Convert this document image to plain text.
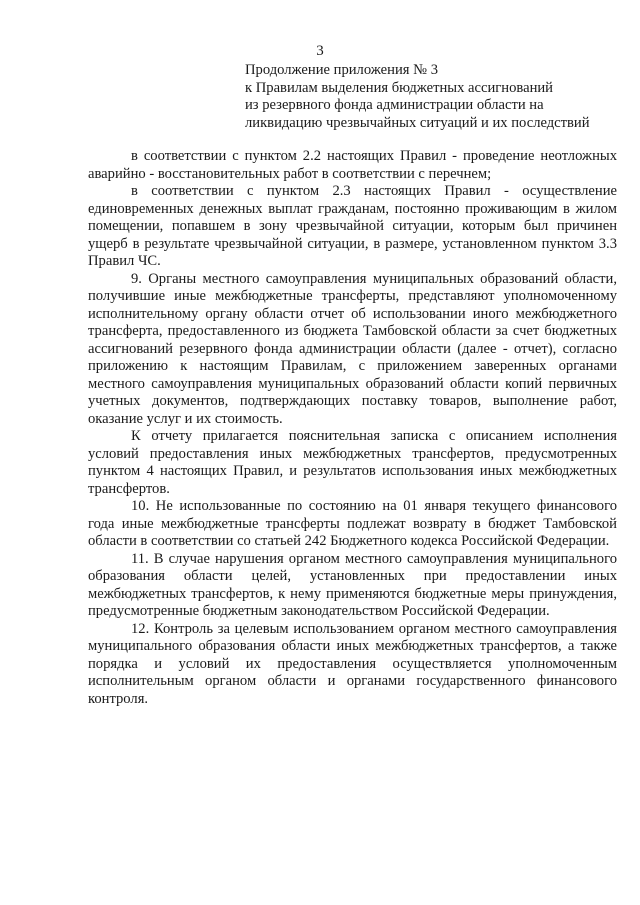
3
Продолжение приложения № 3
к Правилам выделения бюджетных ассигнований
из резервного фонда администрации области на
ликвидацию чрезвычайных ситуаций и их последствий

в соответствии с пунктом 2.2 настоящих Правил - проведение неотложных аварийно - восстановительных работ в соответствии с перечнем;

в соответствии с пунктом 2.3 настоящих Правил - осуществление единовременных денежных выплат гражданам, постоянно проживающим в жилом помещении, попавшем в зону чрезвычайной ситуации, которым был причинен ущерб в результате чрезвычайной ситуации, в размере, установленном пунктом 3.3 Правил ЧС.

9. Органы местного самоуправления муниципальных образований области, получившие иные межбюджетные трансферты, представляют уполномоченному исполнительному органу области отчет об использовании иного межбюджетного трансферта, предоставленного из бюджета Тамбовской области за счет бюджетных ассигнований резервного фонда администрации области (далее - отчет), согласно приложению к настоящим Правилам, с приложением заверенных органами местного самоуправления муниципальных образований области копий первичных учетных документов, подтверждающих поставку товаров, выполнение работ, оказание услуг и их стоимость.

К отчету прилагается пояснительная записка с описанием исполнения условий предоставления иных межбюджетных трансфертов, предусмотренных пунктом 4 настоящих Правил, и результатов использования иных межбюджетных трансфертов.

10. Не использованные по состоянию на 01 января текущего финансового года иные межбюджетные трансферты подлежат возврату в бюджет Тамбовской области в соответствии со статьей 242 Бюджетного кодекса Российской Федерации.

11. В случае нарушения органом местного самоуправления муниципального образования области целей, установленных при предоставлении иных межбюджетных трансфертов, к нему применяются бюджетные меры принуждения, предусмотренные бюджетным законодательством Российской Федерации.

12. Контроль за целевым использованием органом местного самоуправления муниципального образования области иных межбюджетных трансфертов, а также порядка и условий их предоставления осуществляется уполномоченным исполнительным органом области и органами государственного финансового контроля.
